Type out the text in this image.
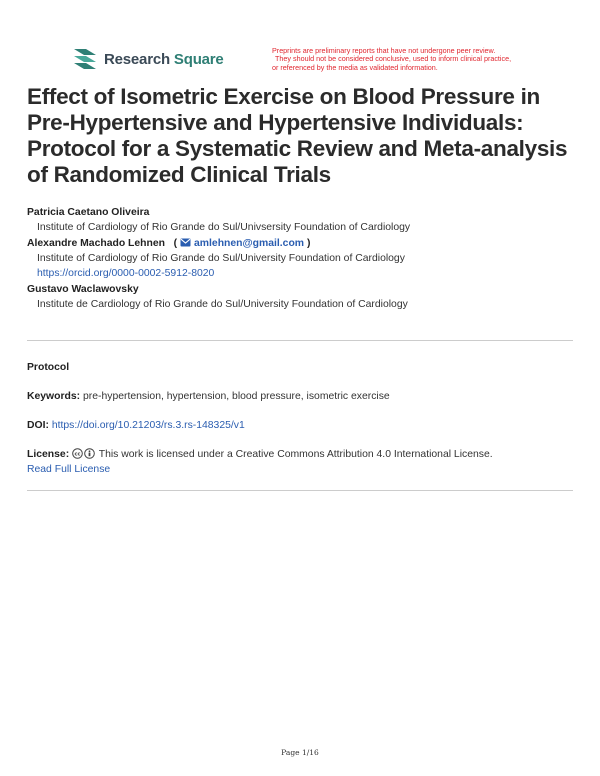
Research Square	Preprints are preliminary reports that have not undergone peer review.
They should not be considered conclusive, used to inform clinical practice,
or referenced by the media as validated information.
Effect of Isometric Exercise on Blood Pressure in Pre-Hypertensive and Hypertensive Individuals: Protocol for a Systematic Review and Meta-analysis of Randomized Clinical Trials
Patricia Caetano Oliveira
Institute of Cardiology of Rio Grande do Sul/Univsersity Foundation of Cardiology
Alexandre Machado Lehnen   ( amlehnen@gmail.com )
Institute of Cardiology of Rio Grande do Sul/University Foundation of Cardiology
https://orcid.org/0000-0002-5912-8020
Gustavo Waclawovsky
Institute de Cardiology of Rio Grande do Sul/University Foundation of Cardiology
Protocol
Keywords: pre-hypertension, hypertension, blood pressure, isometric exercise
DOI: https://doi.org/10.21203/rs.3.rs-148325/v1
License: cc This work is licensed under a Creative Commons Attribution 4.0 International License.
Read Full License
Page 1/16
